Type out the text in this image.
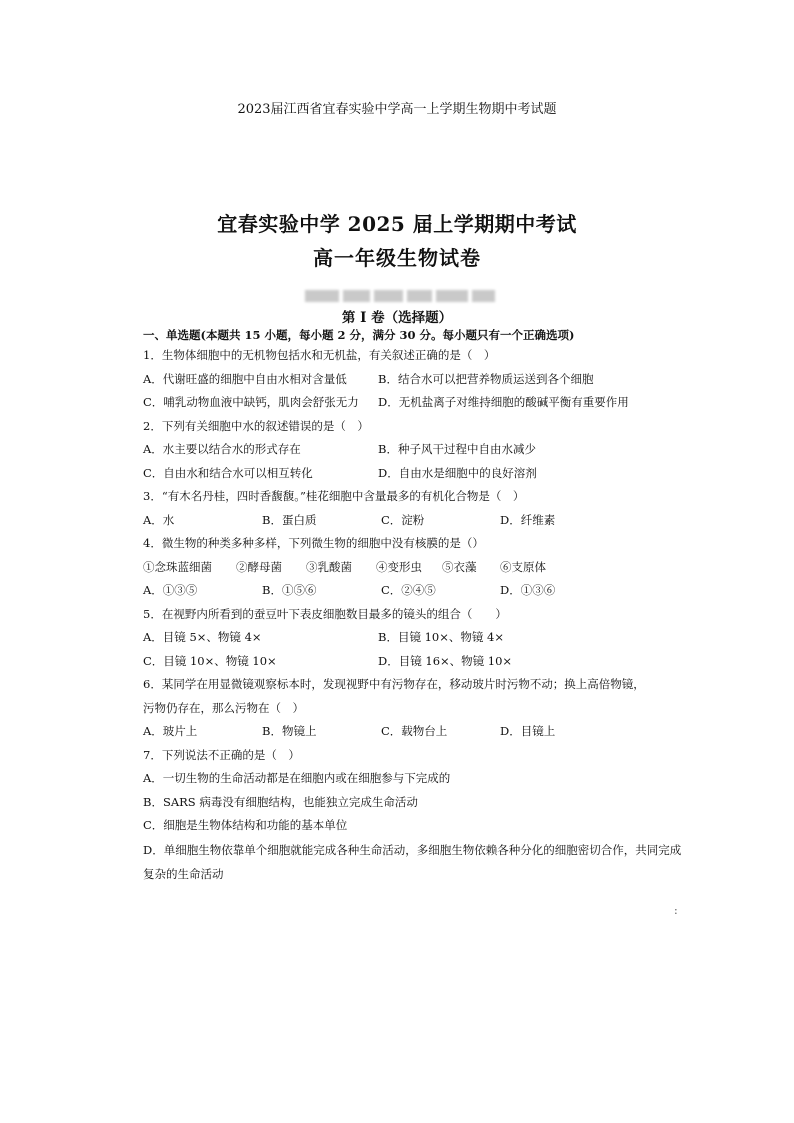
2023届江西省宜春实验中学高一上学期生物期中考试题
宜春实验中学 2025 届上学期期中考试
高一年级生物试卷
第 I 卷（选择题）
一、单选题(本题共 15 小题，每小题 2 分，满分 30 分。每小题只有一个正确选项)
1．生物体细胞中的无机物包括水和无机盐，有关叙述正确的是（　）
A．代谢旺盛的细胞中自由水相对含量低	B．结合水可以把营养物质运送到各个细胞
C．哺乳动物血液中缺钙，肌肉会舒张无力	D．无机盐离子对维持细胞的酸碱平衡有重要作用
2．下列有关细胞中水的叙述错误的是（　）
A．水主要以结合水的形式存在	B．种子风干过程中自由水减少
C．自由水和结合水可以相互转化	D．自由水是细胞中的良好溶剂
3．“有木名丹桂，四时香馥馥。”桂花细胞中含量最多的有机化合物是（　）
A．水	B．蛋白质	C．淀粉	D．纤维素
4．微生物的种类多种多样，下列微生物的细胞中没有核膜的是（）
①念珠蓝细菌	②酵母菌	③乳酸菌	④变形虫	⑤衣藻	⑥支原体
A．①③⑤	B．①⑤⑥	C．②④⑤	D．①③⑥
5．在视野内所看到的蚕豆叶下表皮细胞数目最多的镜头的组合（　　）
A．目镜 5×、物镜 4×	B．目镜 10×、物镜 4×
C．目镜 10×、物镜 10×	D．目镜 16×、物镜 10×
6．某同学在用显微镜观察标本时，发现视野中有污物存在，移动玻片时污物不动；换上高倍物镜，
污物仍存在，那么污物在（　）
A．玻片上	B．物镜上	C．载物台上	D．目镜上
7．下列说法不正确的是（　）
A．一切生物的生命活动都是在细胞内或在细胞参与下完成的
B．SARS 病毒没有细胞结构，也能独立完成生命活动
C．细胞是生物体结构和功能的基本单位
D．单细胞生物依靠单个细胞就能完成各种生命活动，多细胞生物依赖各种分化的细胞密切合作，共同完成复杂的生命活动
:
